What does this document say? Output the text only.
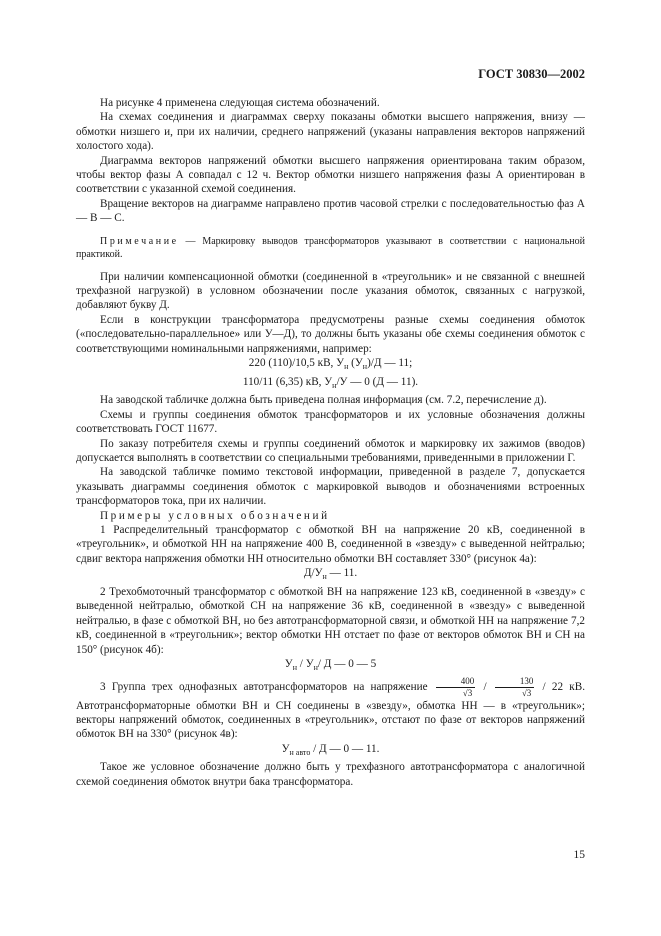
ГОСТ 30830—2002

На рисунке 4 применена следующая система обозначений.

На схемах соединения и диаграммах сверху показаны обмотки высшего напряжения, внизу — обмотки низшего и, при их наличии, среднего напряжений (указаны направления векторов напряжений холостого хода).

Диаграмма векторов напряжений обмотки высшего напряжения ориентирована таким образом, чтобы вектор фазы А совпадал с 12 ч. Вектор обмотки низшего напряжения фазы А ориентирован в соответствии с указанной схемой соединения.

Вращение векторов на диаграмме направлено против часовой стрелки с последовательностью фаз А — В — С.

Примечание — Маркировку выводов трансформаторов указывают в соответствии с национальной практикой.

При наличии компенсационной обмотки (соединенной в «треугольник» и не связанной с внешней трехфазной нагрузкой) в условном обозначении после указания обмоток, связанных с нагрузкой, добавляют букву Д.

Если в конструкции трансформатора предусмотрены разные схемы соединения обмоток («последовательно-параллельное» или У—Д), то должны быть указаны обе схемы соединения обмоток с соответствующими номинальными напряжениями, например:

220 (110)/10,5 кВ, $У_н$ $(У_н)/Д$ — 11;

110/11 (6,35) кВ, $У_н/У$ — 0 (Д — 11).

На заводской табличке должна быть приведена полная информация (см. 7.2, перечисление д).

Схемы и группы соединения обмоток трансформаторов и их условные обозначения должны соответствовать ГОСТ 11677.

По заказу потребителя схемы и группы соединений обмоток и маркировку их зажимов (вводов) допускается выполнять в соответствии со специальными требованиями, приведенными в приложении Г.

На заводской табличке помимо текстовой информации, приведенной в разделе 7, допускается указывать диаграммы соединения обмоток с маркировкой выводов и обозначениями встроенных трансформаторов тока, при их наличии.

Примеры условных обозначений

1 Распределительный трансформатор с обмоткой ВН на напряжение 20 кВ, соединенной в «треугольник», и обмоткой НН на напряжение 400 В, соединенной в «звезду» с выведенной нейтралью; сдвиг вектора напряжения обмотки НН относительно обмотки ВН составляет 330° (рисунок 4а):

$Д/У_н$ — 11.

2 Трехобмоточный трансформатор с обмоткой ВН на напряжение 123 кВ, соединенной в «звезду» с выведенной нейтралью, обмоткой СН на напряжение 36 кВ, соединенной в «звезду» с выведенной нейтралью, в фазе с обмоткой ВН, но без автотрансформаторной связи, и обмоткой НН на напряжение 7,2 кВ, соединенной в «треугольник»; вектор обмотки НН отстает по фазе от векторов обмоток ВН и СН на 150° (рисунок 4б):

$У_н / У_н/$ Д — 0 — 5

3 Группа трех однофазных автотрансформаторов на напряжение $\frac{400}{√3} / \frac{130}{√3} / 22$ кВ. Автотрансформаторные обмотки ВН и СН соединены в «звезду», обмотка НН — в «треугольник»; векторы напряжений обмоток, соединенных в «треугольник», отстают по фазе от векторов напряжений обмоток ВН на 330° (рисунок 4в):

$У_{н авто}$ / Д — 0 — 11.

Такое же условное обозначение должно быть у трехфазного автотрансформатора с аналогичной схемой соединения обмоток внутри бака трансформатора.

15
